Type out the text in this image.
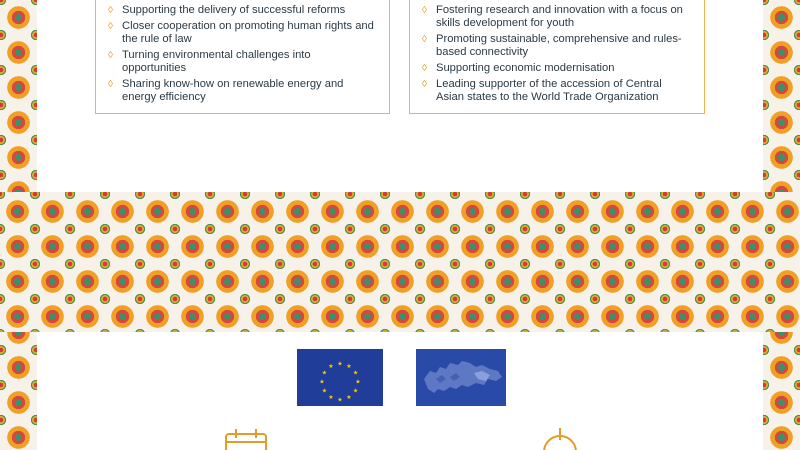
◊ Supporting the delivery of successful reforms
◊ Closer cooperation on promoting human rights and the rule of law
◊ Turning environmental challenges into opportunities
◊ Sharing know-how on renewable energy and energy efficiency
◊ Fostering research and innovation with a focus on skills development for youth
◊ Promoting sustainable, comprehensive and rules-based connectivity
◊ Supporting economic modernisation
◊ Leading supporter of the accession of Central Asian states to the World Trade Organization
★ ★
★
★
★
★
★
★
★
★
★
★
